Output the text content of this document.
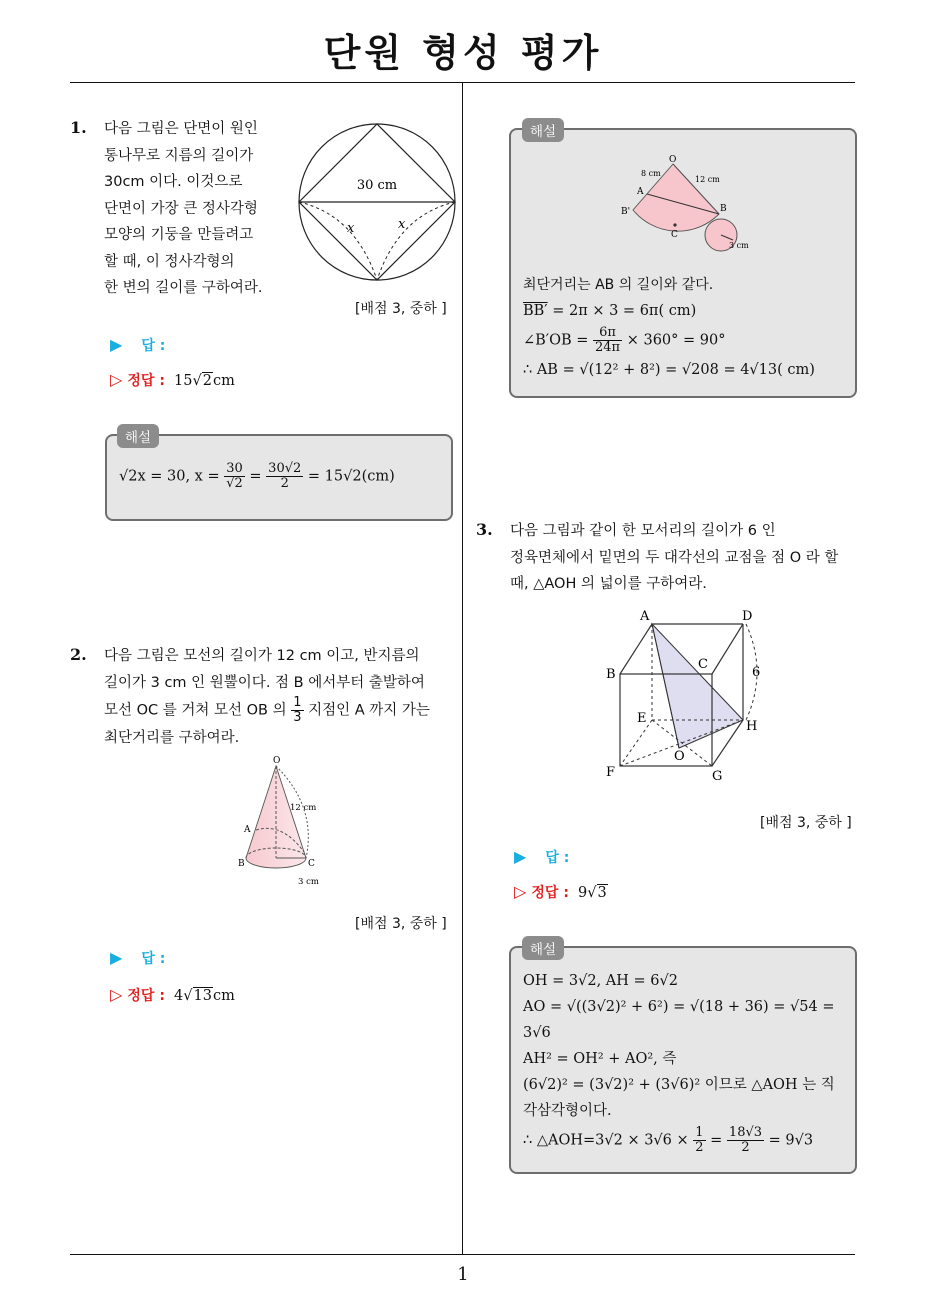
단원 형성 평가
1
1. 다음 그림은 단면이 원인
통나무로 지름의 길이가
30cm 이다. 이것으로
단면이 가장 큰 정사각형
모양의 기둥을 만들려고
할 때, 이 정사각형의
한 변의 길이를 구하여라.
30 cm
x	x
[배점 3, 중하 ]
▶ 답 :
▷ 정답 : 15√2cm
√2x = 30, $x = \frac{30}{√2} = \frac{30√2}{2} = 15√2(cm)$
해설
2. 다음 그림은 모선의 길이가 12 cm 이고, 반지름의
길이가 3 cm 인 원뿔이다. 점 B 에서부터 출발하여
모선 OC 를 거쳐 모선 OB 의 $\frac{1}{3}$ 지점인 A 까지 가는
최단거리를 구하여라.
O
A
B	C
12 cm
3 cm
[배점 3, 중하 ]
▶ 답 :
▷ 정답 : 4√13cm
O
A
B
B'
C
8 cm
12 cm
3 cm
최단거리는 AB 의 길이와 같다.
BB′ = 2π × 3 = 6π( cm)
∠B′OB = $\frac{6\pi}{24\pi} \times 360^\circ = 90^\circ$
∴ AB = √(12² + 8²) = √208 = 4√13( cm)
해설
3. 다음 그림과 같이 한 모서리의 길이가 6 인
정육면체에서 밑면의 두 대각선의 교점을 점 O 라 할
때, △AOH 의 넓이를 구하여라.
A
B
C
D
E
F	G
H
O
6
[배점 3, 중하 ]
▶ 답 :
▷ 정답 : 9√3
OH = 3√2, AH = 6√2
AO = √((3√2)² + 6²) = √(18 + 36) = √54 =
3√6
AH² = OH² + AO², 즉
(6√2)² = (3√2)² + (3√6)² 이므로 △AOH 는 직
각삼각형이다.
∴ △AOH=3√2 × $3√6 \times \frac{1}{2} = \frac{18√3}{2} = 9√3$
해설
